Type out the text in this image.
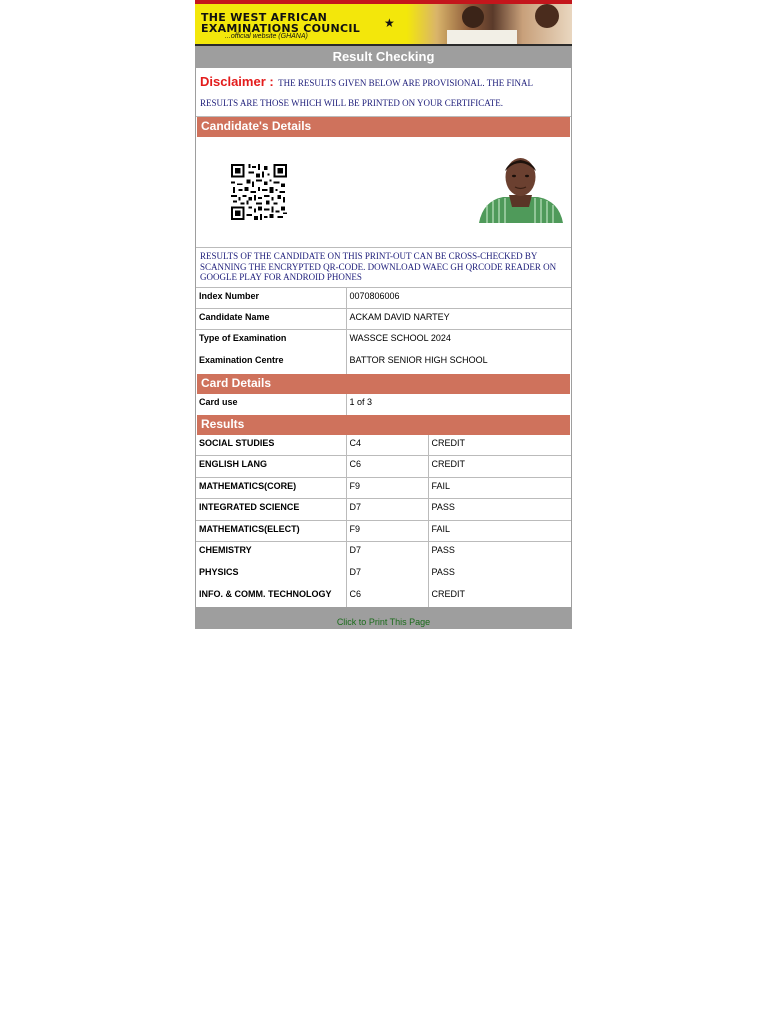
THE WEST AFRICAN
EXAMINATIONS COUNCIL
...official website (GHANA)
★
Result Checking
Disclaimer : THE RESULTS GIVEN BELOW ARE PROVISIONAL. THE FINAL RESULTS ARE THOSE WHICH WILL BE PRINTED ON YOUR CERTIFICATE.
Candidate's Details
RESULTS OF THE CANDIDATE ON THIS PRINT-OUT CAN BE CROSS-CHECKED BY SCANNING THE ENCRYPTED QR-CODE. DOWNLOAD WAEC GH QRCODE READER ON GOOGLE PLAY FOR ANDROID PHONES
Index Number	0070806006
Candidate Name	ACKAM DAVID NARTEY
Type of Examination	WASSCE SCHOOL 2024
Examination Centre	BATTOR SENIOR HIGH SCHOOL
Card Details
Card use	1 of 3
Results
SOCIAL STUDIES	C4	CREDIT
ENGLISH LANG	C6	CREDIT
MATHEMATICS(CORE)	F9	FAIL
INTEGRATED SCIENCE	D7	PASS
MATHEMATICS(ELECT)	F9	FAIL
CHEMISTRY	D7	PASS
PHYSICS	D7	PASS
INFO. & COMM. TECHNOLOGY	C6	CREDIT
Click to Print This Page
